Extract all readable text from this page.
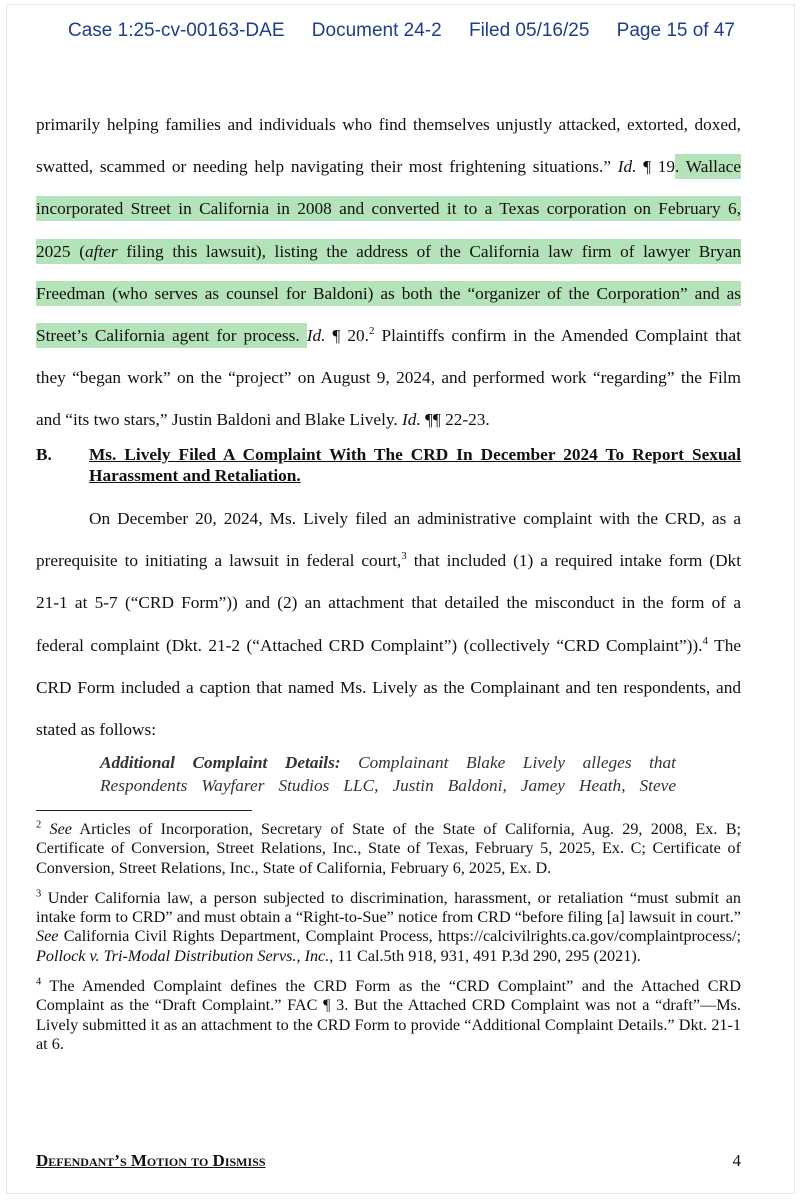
Case 1:25-cv-00163-DAE Document 24-2 Filed 05/16/25 Page 15 of 47
primarily helping families and individuals who find themselves unjustly attacked, extorted, doxed,
swatted, scammed or needing help navigating their most frightening situations.” Id. ¶ 19. Wallace
incorporated Street in California in 2008 and converted it to a Texas corporation on February 6,
2025 (after filing this lawsuit), listing the address of the California law firm of lawyer Bryan
Freedman (who serves as counsel for Baldoni) as both the “organizer of the Corporation” and as
Street’s California agent for process. Id. ¶ 20.$^2$ Plaintiffs confirm in the Amended Complaint that
they “began work” on the “project” on August 9, 2024, and performed work “regarding” the Film
and “its two stars,” Justin Baldoni and Blake Lively. Id. ¶¶ 22-23.
B. Ms. Lively Filed A Complaint With The CRD In December 2024 To Report Sexual Harassment and Retaliation.
On December 20, 2024, Ms. Lively filed an administrative complaint with the CRD, as a
prerequisite to initiating a lawsuit in federal court,$^3$ that included (1) a required intake form (Dkt
21-1 at 5-7 (“CRD Form”)) and (2) an attachment that detailed the misconduct in the form of a
federal complaint (Dkt. 21-2 (“Attached CRD Complaint”) (collectively “CRD Complaint”)).$^4$ The
CRD Form included a caption that named Ms. Lively as the Complainant and ten respondents, and
stated as follows:
Additional Complaint Details: Complainant Blake Lively alleges that
Respondents Wayfarer Studios LLC, Justin Baldoni, Jamey Heath, Steve

$^2$ See Articles of Incorporation, Secretary of State of the State of California, Aug. 29, 2008, Ex. B; Certificate of Conversion, Street Relations, Inc., State of Texas, February 5, 2025, Ex. C; Certificate of Conversion, Street Relations, Inc., State of California, February 6, 2025, Ex. D.

$^3$ Under California law, a person subjected to discrimination, harassment, or retaliation “must submit an intake form to CRD” and must obtain a “Right-to-Sue” notice from CRD “before filing [a] lawsuit in court.” See California Civil Rights Department, Complaint Process, https://calcivilrights.ca.gov/complaintprocess/; Pollock v. Tri-Modal Distribution Servs., Inc., 11 Cal.5th 918, 931, 491 P.3d 290, 295 (2021).

$^4$ The Amended Complaint defines the CRD Form as the “CRD Complaint” and the Attached CRD Complaint as the “Draft Complaint.” FAC ¶ 3. But the Attached CRD Complaint was not a “draft”—Ms. Lively submitted it as an attachment to the CRD Form to provide “Additional Complaint Details.” Dkt. 21-1 at 6.

Defendant’s Motion to Dismiss	4
